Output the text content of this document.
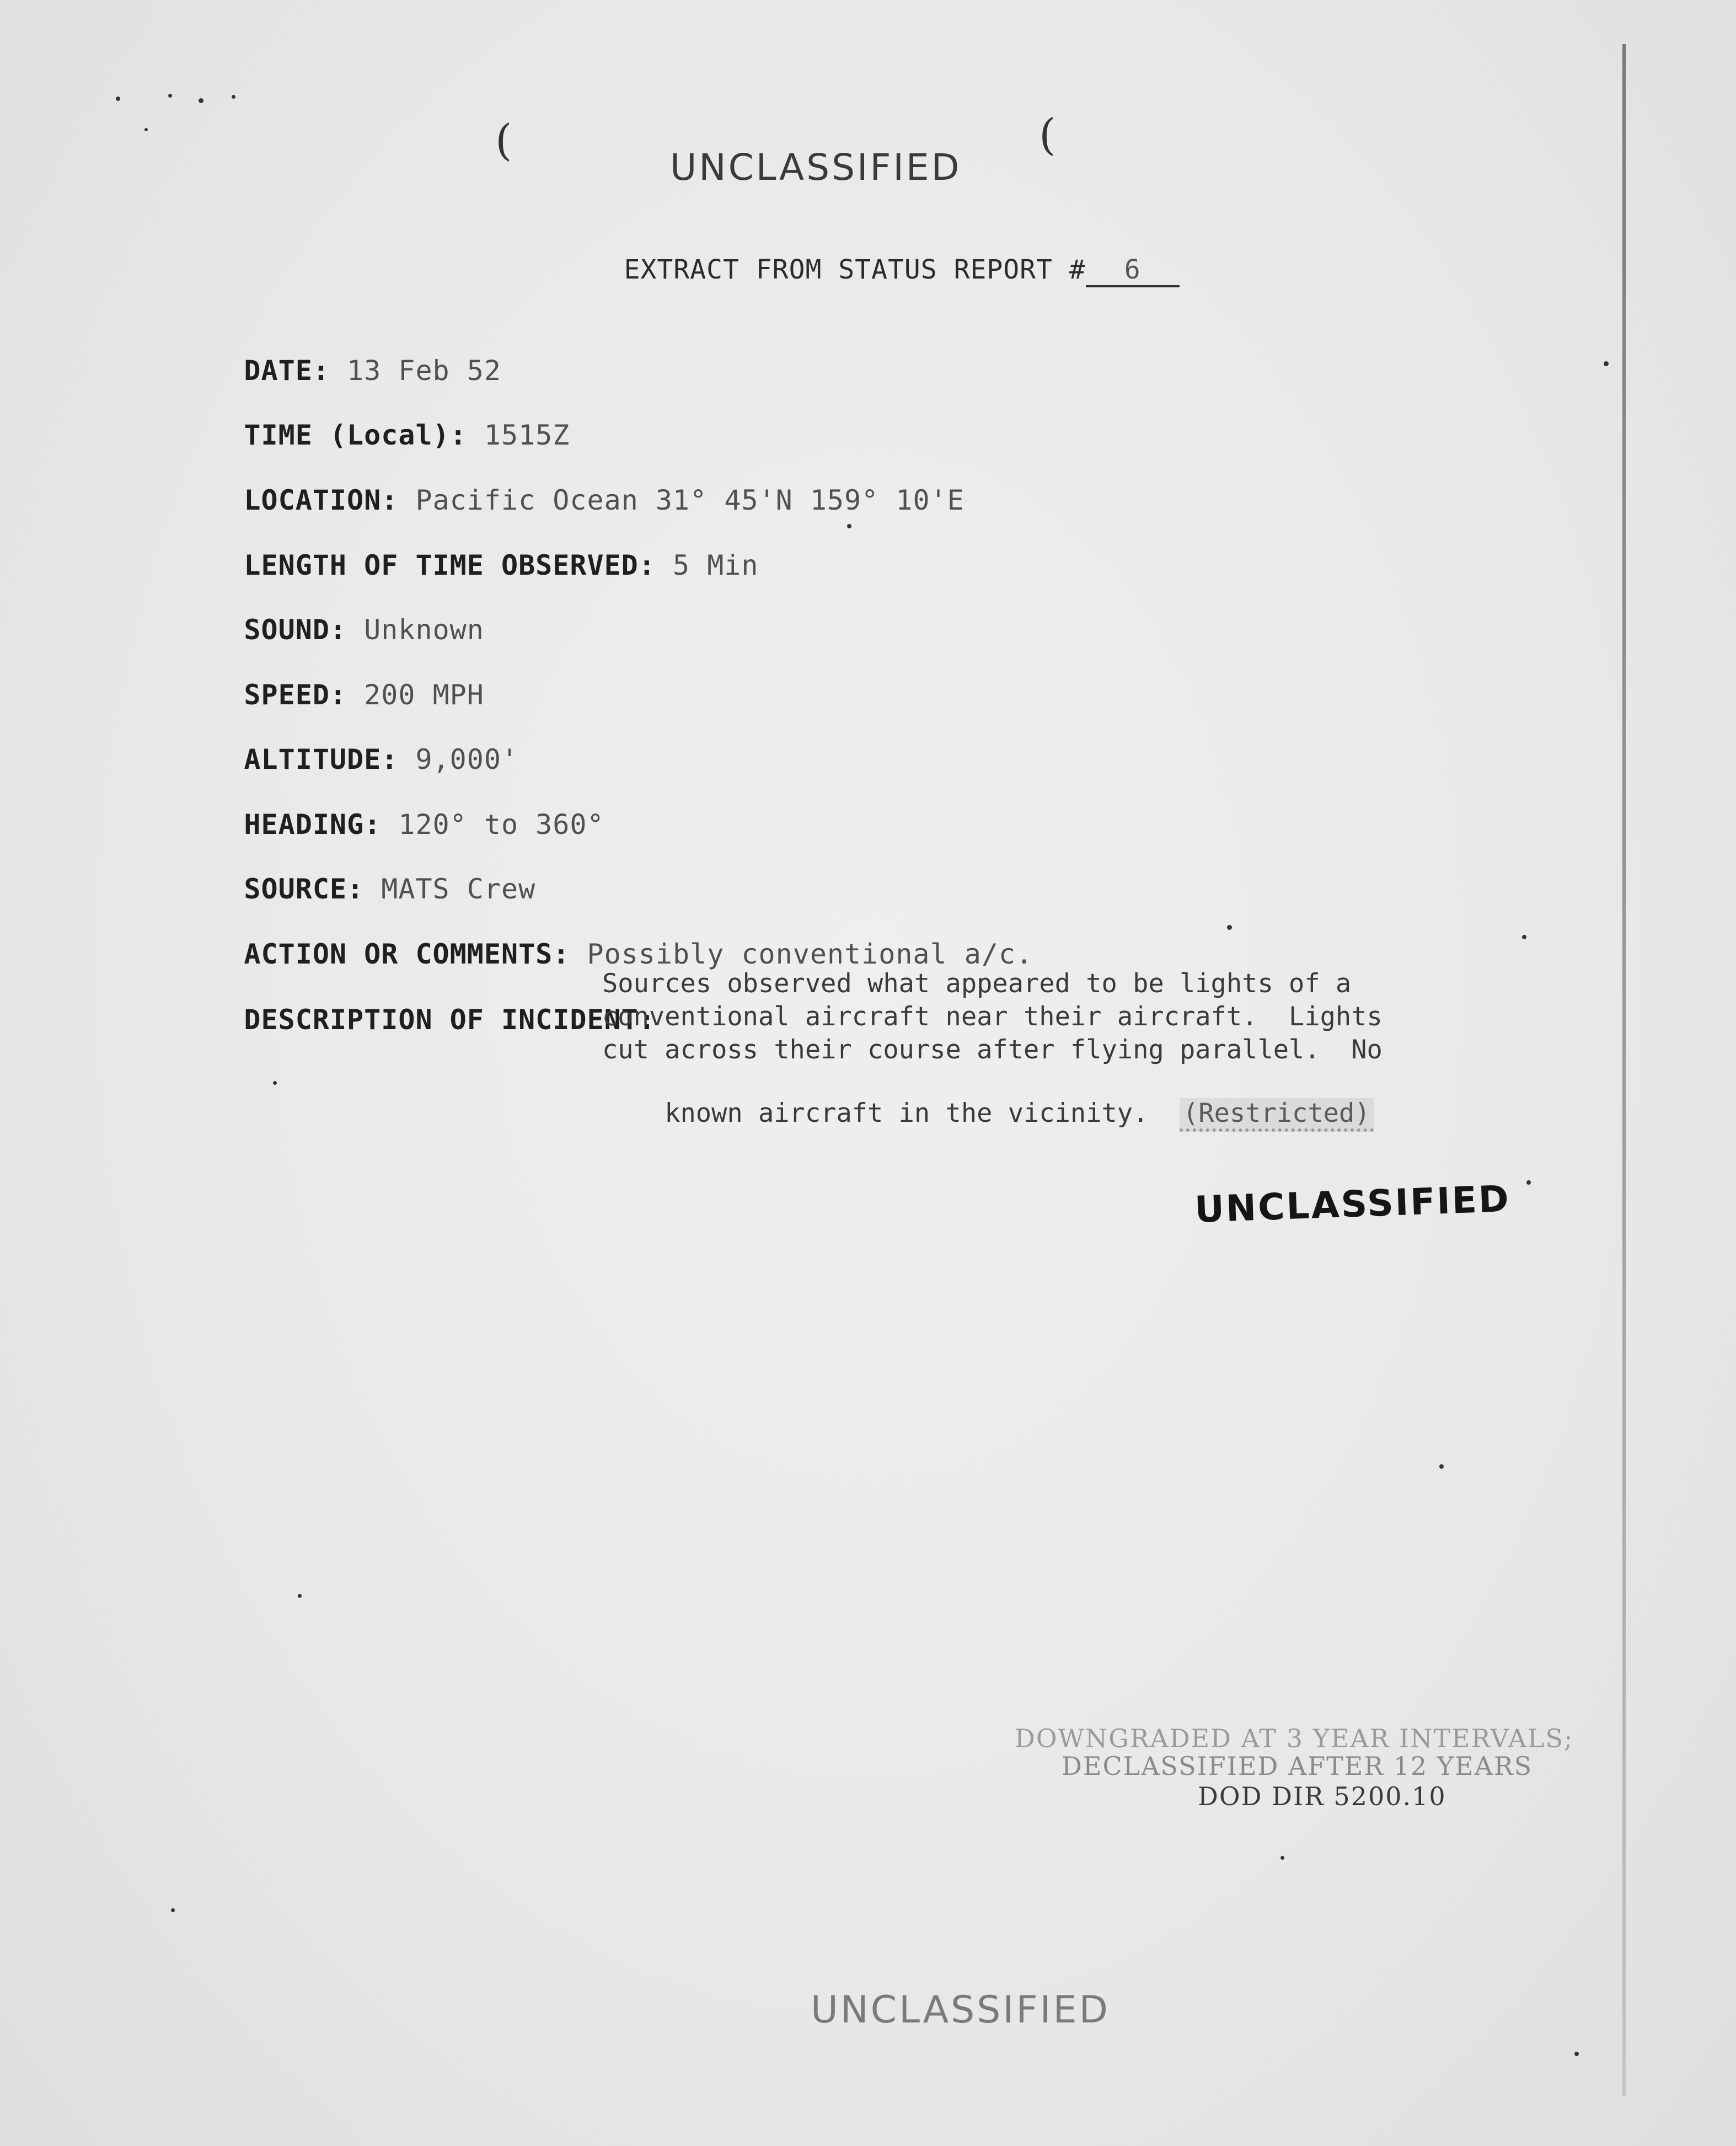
(	(
UNCLASSIFIED

EXTRACT FROM STATUS REPORT # 6

DATE: 13 Feb 52

TIME (Local): 1515Z

LOCATION: Pacific Ocean 31° 45'N 159° 10'E

LENGTH OF TIME OBSERVED: 5 Min

SOUND: Unknown

SPEED: 200 MPH

ALTITUDE: 9,000'

HEADING: 120° to 360°

SOURCE: MATS Crew

ACTION OR COMMENTS: Possibly conventional a/c.

DESCRIPTION OF INCIDENT:

Sources observed what appeared to be lights of a
conventional aircraft near their aircraft.  Lights
cut across their course after flying parallel.  No

known aircraft in the vicinity. (Restricted)

UNCLASSIFIED
DOWNGRADED AT 3 YEAR INTERVALS;
DECLASSIFIED AFTER 12 YEARS
DOD DIR 5200.10
UNCLASSIFIED
